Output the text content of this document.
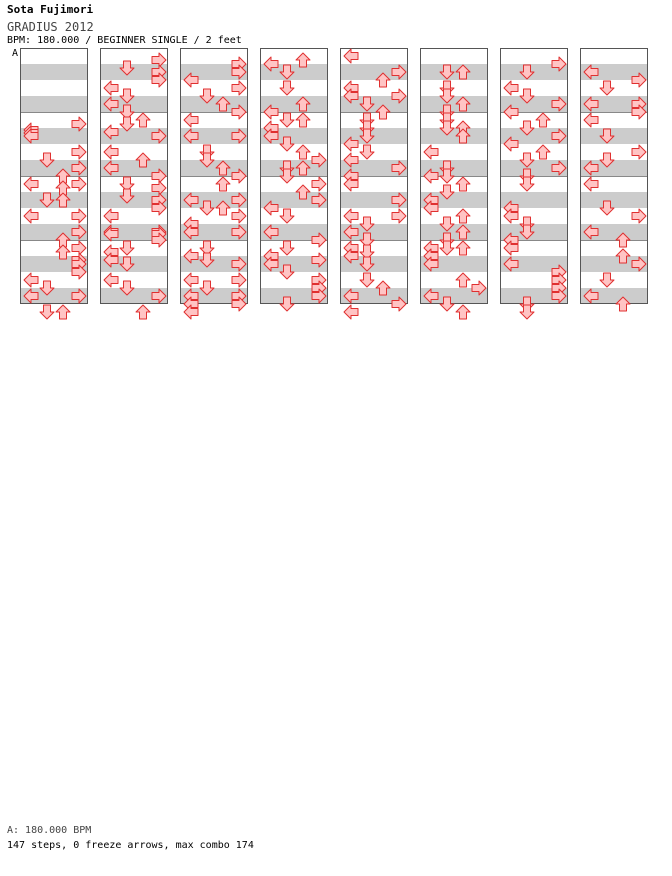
Sota Fujimori
GRADIUS 2012
BPM: 180.000 / BEGINNER SINGLE / 2 feet
A
A: 180.000 BPM
147 steps, 0 freeze arrows, max combo 174
